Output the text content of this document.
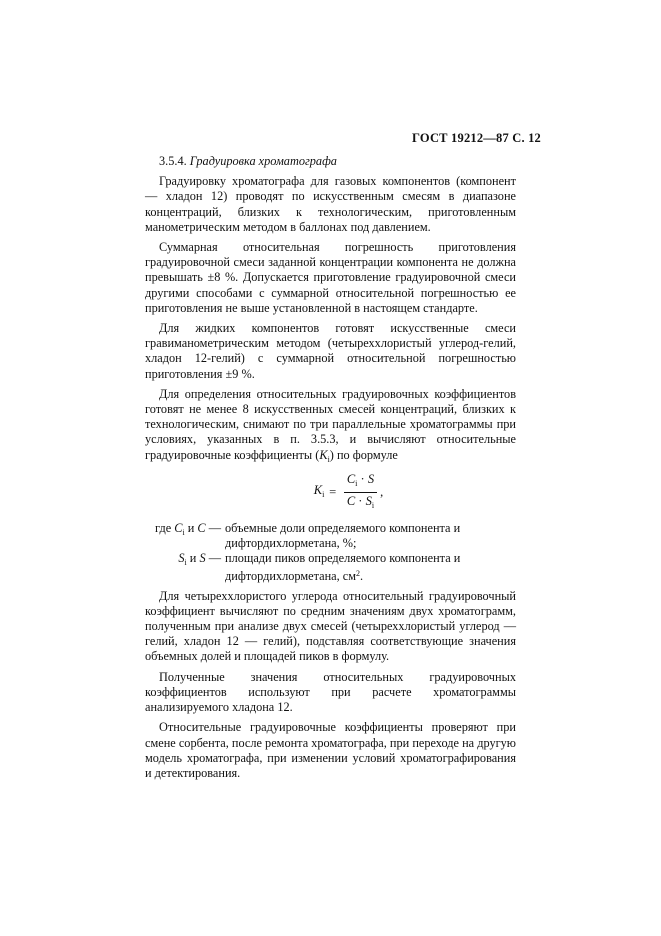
ГОСТ 19212—87 С. 12

3.5.4. Градуировка хроматографа

Градуировку хроматографа для газовых компонентов (компонент — хладон 12) проводят по искусственным смесям в диапазоне концентраций, близких к технологическим, приготовленным манометрическим методом в баллонах под давлением.

Суммарная относительная погрешность приготовления градуировочной смеси заданной концентрации компонента не должна превышать ±8 %. Допускается приготовление градуировочной смеси другими способами с суммарной относительной погрешностью ее приготовления не выше установленной в настоящем стандарте.

Для жидких компонентов готовят искусственные смеси гравиманометрическим методом (четыреххлористый углерод-гелий, хладон 12-гелий) с суммарной относительной погрешностью приготовления ±9 %.

Для определения относительных градуировочных коэффициентов готовят не менее 8 искусственных смесей концентраций, близких к технологическим, снимают по три параллельные хроматограммы при условиях, указанных в п. 3.5.3, и вычисляют относительные градуировочные коэффициенты $(K_i)$ по формуле

$K_i = \frac{C_i \cdot S}{C \cdot S_i}$ ,
где $C_i$ и C — объемные доли определяемого компонента и дифтордихлорметана, %;
$S_i$ и S — площади пиков определяемого компонента и дифтордихлорметана, $см^2$.

Для четыреххлористого углерода относительный градуировочный коэффициент вычисляют по средним значениям двух хроматограмм, полученным при анализе двух смесей (четыреххлористый углерод — гелий, хладон 12 — гелий), подставляя соответствующие значения объемных долей и площадей пиков в формулу.

Полученные значения относительных градуировочных коэффициентов используют при расчете хроматограммы анализируемого хладона 12.

Относительные градуировочные коэффициенты проверяют при смене сорбента, после ремонта хроматографа, при переходе на другую модель хроматографа, при изменении условий хроматографирования и детектирования.
